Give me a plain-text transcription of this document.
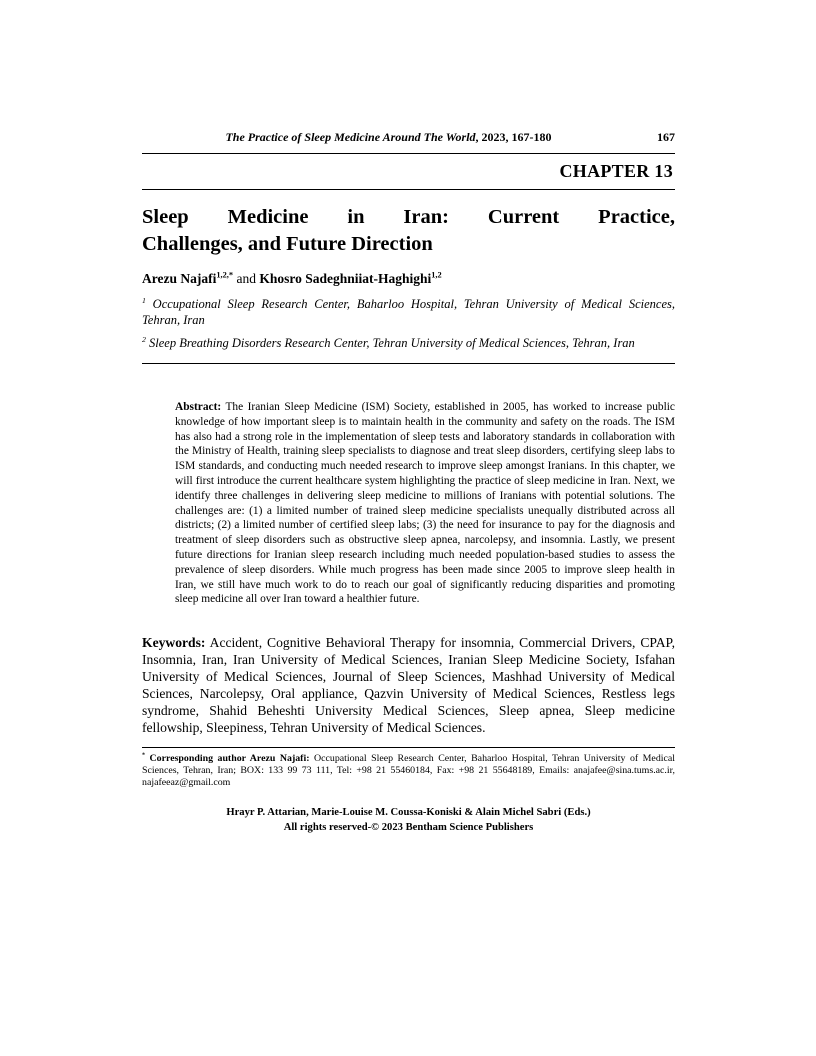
The Practice of Sleep Medicine Around The World, 2023, 167-180	167
CHAPTER 13
Sleep Medicine in Iran: Current Practice,
Challenges, and Future Direction
Arezu Najafi$^{1,2,*}$ and Khosro Sadeghniiat-Haghighi$^{1,2}$

$^1$ Occupational Sleep Research Center, Baharloo Hospital, Tehran University of Medical Sciences, Tehran, Iran

$^2$ Sleep Breathing Disorders Research Center, Tehran University of Medical Sciences, Tehran, Iran

Abstract: The Iranian Sleep Medicine (ISM) Society, established in 2005, has worked to increase public knowledge of how important sleep is to maintain health in the community and safety on the roads. The ISM has also had a strong role in the implementation of sleep tests and laboratory standards in collaboration with the Ministry of Health, training sleep specialists to diagnose and treat sleep disorders, certifying sleep labs to ISM standards, and conducting much needed research to improve sleep amongst Iranians. In this chapter, we will first introduce the current healthcare system highlighting the practice of sleep medicine in Iran. Next, we identify three challenges in delivering sleep medicine to millions of Iranians with potential solutions. The challenges are: (1) a limited number of trained sleep medicine specialists unequally distributed across all districts; (2) a limited number of certified sleep labs; (3) the need for insurance to pay for the diagnosis and treatment of sleep disorders such as obstructive sleep apnea, narcolepsy, and insomnia. Lastly, we present future directions for Iranian sleep research including much needed population-based studies to assess the prevalence of sleep disorders. While much progress has been made since 2005 to improve sleep health in Iran, we still have much work to do to reach our goal of significantly reducing disparities and promoting sleep medicine all over Iran toward a healthier future.
Keywords: Accident, Cognitive Behavioral Therapy for insomnia, Commercial Drivers, CPAP, Insomnia, Iran, Iran University of Medical Sciences, Iranian Sleep Medicine Society, Isfahan University of Medical Sciences, Journal of Sleep Sciences, Mashhad University of Medical Sciences, Narcolepsy, Oral appliance, Qazvin University of Medical Sciences, Restless legs syndrome, Shahid Beheshti University Medical Sciences, Sleep apnea, Sleep medicine fellowship, Sleepiness, Tehran University of Medical Sciences.
* Corresponding author Arezu Najafi: Occupational Sleep Research Center, Baharloo Hospital, Tehran University of Medical Sciences, Tehran, Iran; BOX: 133 99 73 111, Tel: +98 21 55460184, Fax: +98 21 55648189, Emails: anajafee@sina.tums.ac.ir, najafeeaz@gmail.com
Hrayr P. Attarian, Marie-Louise M. Coussa-Koniski & Alain Michel Sabri (Eds.)
All rights reserved-© 2023 Bentham Science Publishers
